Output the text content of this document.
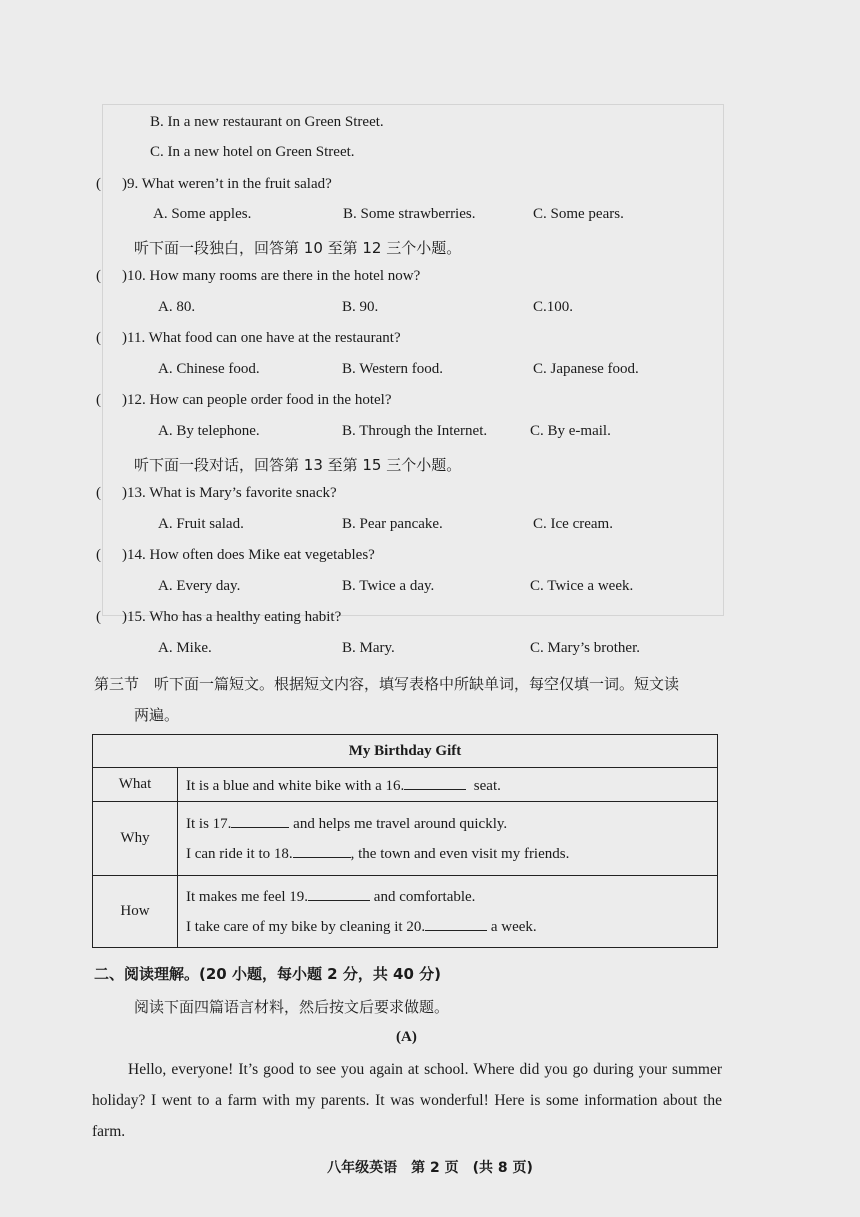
B. In a new restaurant on Green Street.
C. In a new hotel on Green Street.
( )9. What weren’t in the fruit salad?
A. Some apples.	B. Some strawberries.	C. Some pears.
听下面一段独白，回答第 10 至第 12 三个小题。
( )10. How many rooms are there in the hotel now?
A. 80.	B. 90.	C.100.
( )11. What food can one have at the restaurant?
A. Chinese food.	B. Western food.	C. Japanese food.
( )12. How can people order food in the hotel?
A. By telephone.	B. Through the Internet.	C. By e-mail.
听下面一段对话，回答第 13 至第 15 三个小题。
( )13. What is Mary’s favorite snack?
A. Fruit salad.	B. Pear pancake.	C. Ice cream.
( )14. How often does Mike eat vegetables?
A. Every day.	B. Twice a day.	C. Twice a week.
( )15. Who has a healthy eating habit?
A. Mike.	B. Mary.	C. Mary’s brother.
第三节　听下面一篇短文。根据短文内容，填写表格中所缺单词，每空仅填一词。短文读
两遍。
My Birthday Gift	
What	It is a blue and white bike with a 16. seat.
Why	It is 17. and helps me travel around quickly.
I can ride it to 18. , the town and even visit my friends.

How	It makes me feel 19. and comfortable.
I take care of my bike by cleaning it 20. a week.
二、阅读理解。(20 小题，每小题 2 分，共 40 分)
阅读下面四篇语言材料，然后按文后要求做题。
(A)
Hello, everyone! It’s good to see you again at school. Where did you go during your summer holiday? I went to a farm with my parents. It was wonderful! Here is some information about the farm.
八年级英语　第 2 页　(共 8 页)
